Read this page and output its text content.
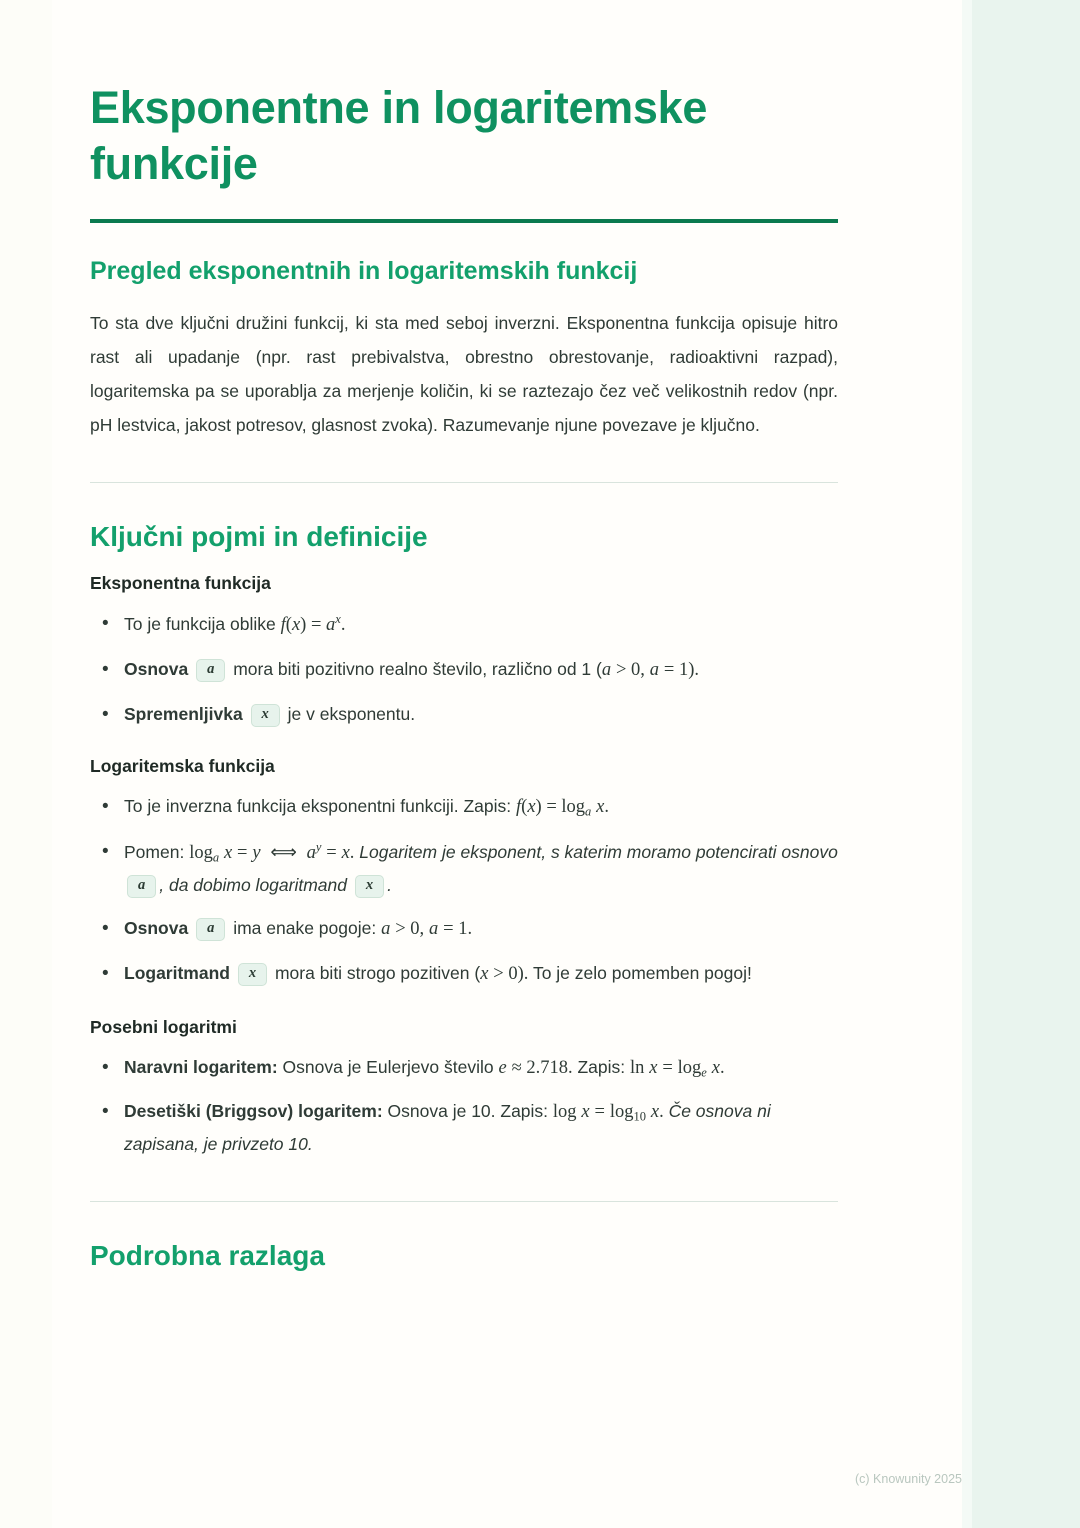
Eksponentne in logaritemske funkcije
Pregled eksponentnih in logaritemskih funkcij

To sta dve ključni družini funkcij, ki sta med seboj inverzni. Eksponentna funkcija opisuje hitro rast ali upadanje (npr. rast prebivalstva, obrestno obrestovanje, radioaktivni razpad), logaritemska pa se uporablja za merjenje količin, ki se raztezajo čez več velikostnih redov (npr. pH lestvica, jakost potresov, glasnost zvoka). Razumevanje njune povezave je ključno.

Ključni pojmi in definicije
Eksponentna funkcija
• To je funkcija oblike $f(x) = a^x$.
• Osnova a mora biti pozitivno realno število, različno od 1 (a > 0, a = 1).
• Spremenljivka x je v eksponentu.
Logaritemska funkcija
• To je inverzna funkcija eksponentni funkciji. Zapis: $f(x) = \log_a x$.
• Pomen: $\log_a x = y$ ⟺ $a^y = x$. Logaritem je eksponent, s katerim moramo potencirati osnovo a , da dobimo logaritmand x .
• Osnova a ima enake pogoje: a > 0, a = 1.
• Logaritmand x mora biti strogo pozitiven (x > 0). To je zelo pomemben pogoj!
Posebni logaritmi
• Naravni logaritem: Osnova je Eulerjevo število e ≈ 2.718. Zapis: $\ln x = \log_e x$.
• Desetiški (Briggsov) logaritem: Osnova je 10. Zapis: $\log x = \log_{10} x$. Če osnova ni zapisana, je privzeto 10.
Podrobna razlaga
(c) Knowunity 2025
